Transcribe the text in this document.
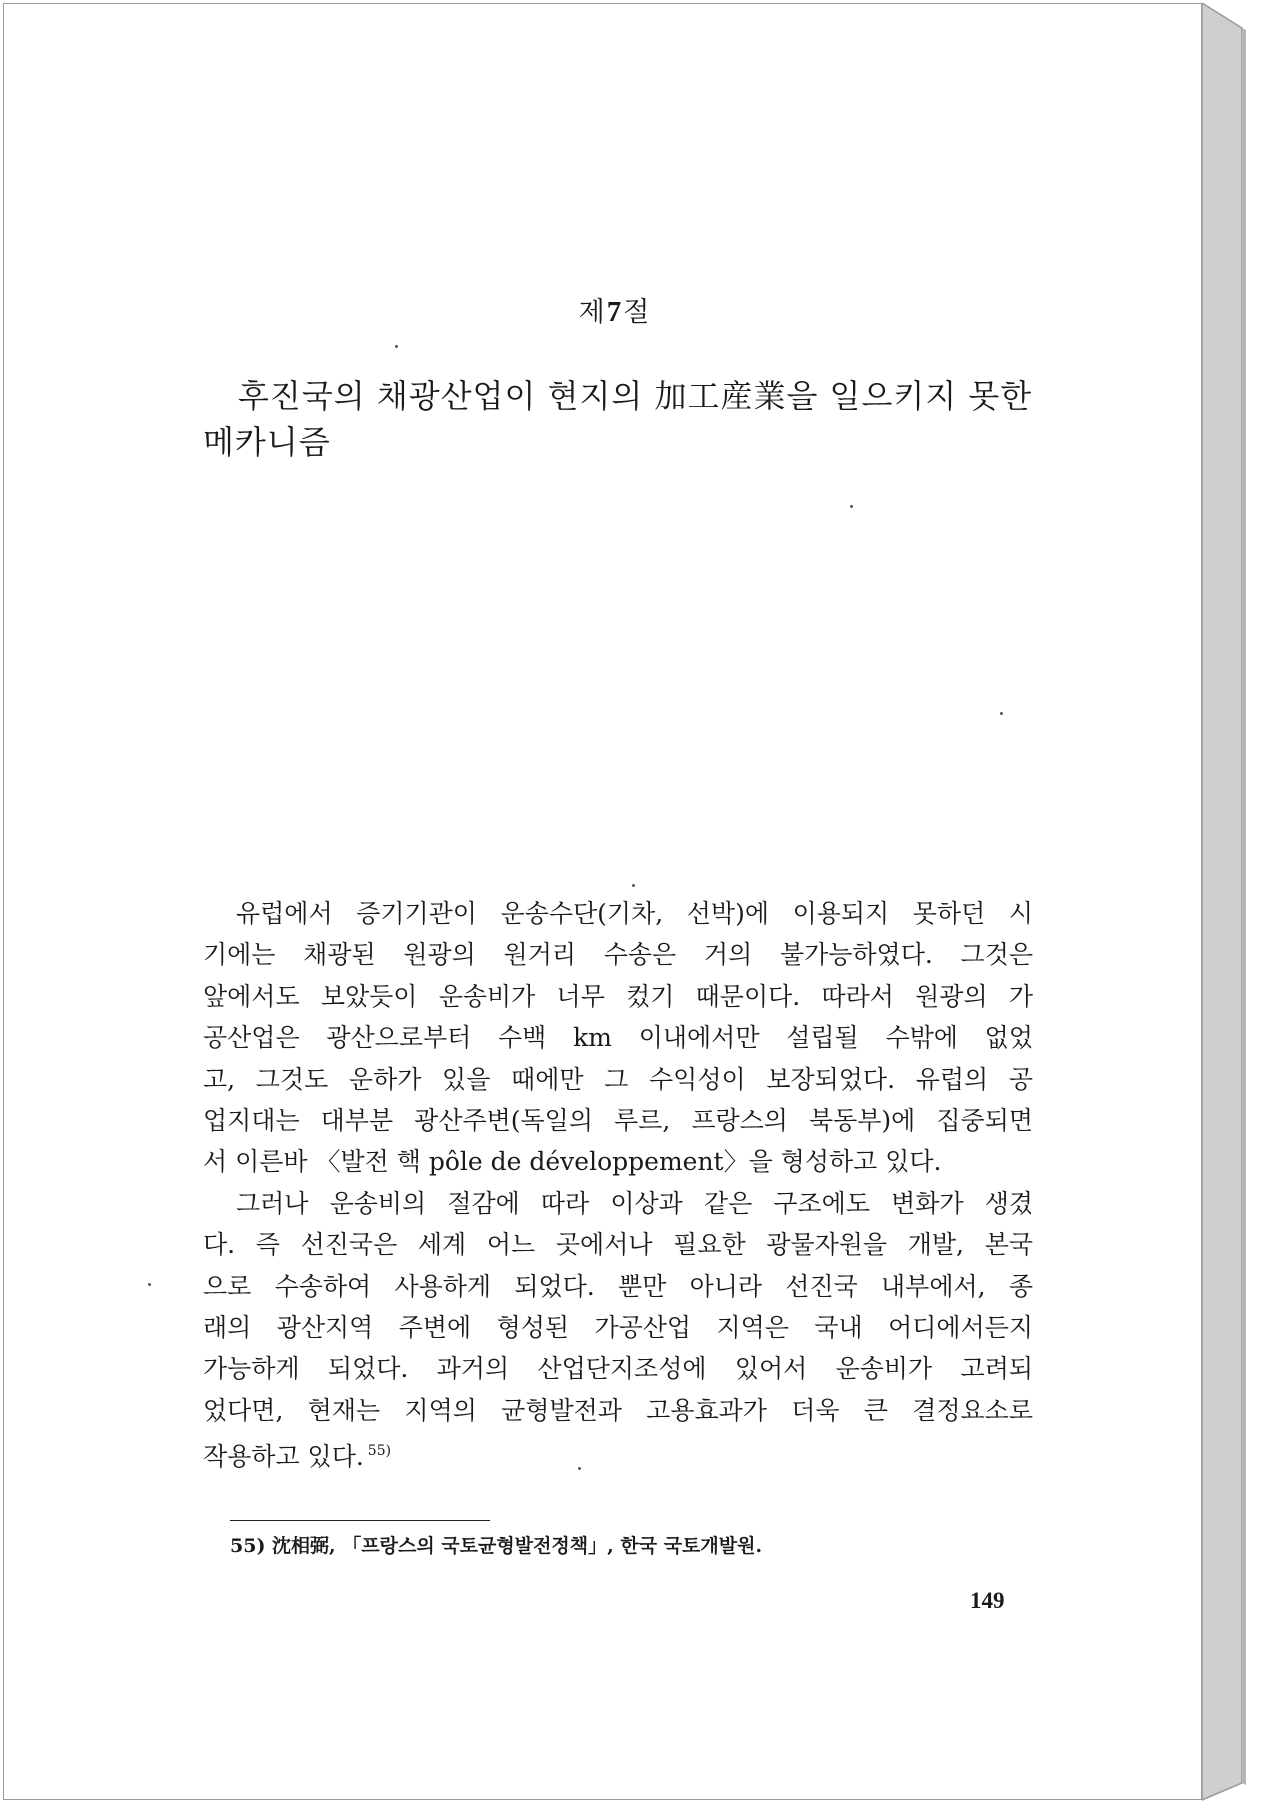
제7절
후진국의 채광산업이 현지의 加工産業을 일으키지 못한
메카니즘
유럽에서 증기기관이 운송수단(기차, 선박)에 이용되지 못하던 시
기에는 채광된 원광의 원거리 수송은 거의 불가능하였다. 그것은
앞에서도 보았듯이 운송비가 너무 컸기 때문이다. 따라서 원광의 가
공산업은 광산으로부터 수백 km 이내에서만 설립될 수밖에 없었
고, 그것도 운하가 있을 때에만 그 수익성이 보장되었다. 유럽의 공
업지대는 대부분 광산주변(독일의 루르, 프랑스의 북동부)에 집중되면
서 이른바 〈발전 핵 pôle de développement〉을 형성하고 있다.
그러나 운송비의 절감에 따라 이상과 같은 구조에도 변화가 생겼
다. 즉 선진국은 세계 어느 곳에서나 필요한 광물자원을 개발, 본국
으로 수송하여 사용하게 되었다. 뿐만 아니라 선진국 내부에서, 종
래의 광산지역 주변에 형성된 가공산업 지역은 국내 어디에서든지
가능하게 되었다. 과거의 산업단지조성에 있어서 운송비가 고려되
었다면, 현재는 지역의 균형발전과 고용효과가 더욱 큰 결정요소로
작용하고 있다. $^{55)}$
55) 沈相弼, 「프랑스의 국토균형발전정책」, 한국 국토개발원.
149
